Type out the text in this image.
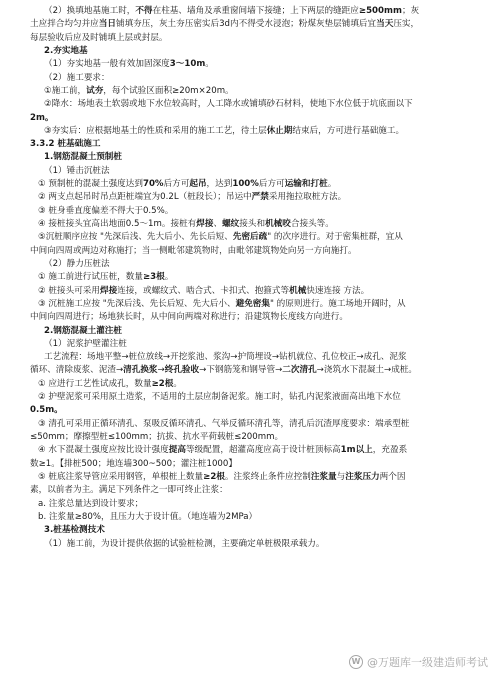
（2）换填地基施工时，不得在柱基、墙角及承重窗间墙下接缝；上下两层的缝距应≥500mm；灰
土应拌合均匀并应当日铺填夯压，灰土夯压密实后3d内不得受水浸泡；粉煤灰垫层铺填后宜当天压实，
每层验收后应及时铺填上层或封层。
2.夯实地基
（1）夯实地基一般有效加固深度3～10m。
（2）施工要求：
①施工前，试夯，每个试验区面积≥20m×20m。
②降水：场地表土软弱或地下水位较高时，人工降水或铺填砂石材料，使地下水位低于坑底面以下
2m。
③夯实后：应根据地基土的性质和采用的施工工艺，待土层休止期结束后，方可进行基础施工。
3.3.2 桩基础施工
1.钢筋混凝土预制桩
（1）锤击沉桩法
① 预制桩的混凝土强度达到70%后方可起吊，达到100%后方可运输和打桩。
② 两支点起吊时吊点距桩端宜为0.2L（桩段长）；吊运中严禁采用拖拉取桩方法。
③ 桩身垂直度偏差不得大于0.5%。
④ 接桩接头宜高出地面0.5～1m。接桩有焊接、螺纹接头和机械咬合接头等。
⑤沉桩顺序应按 "先深后浅、先大后小、先长后短、先密后疏" 的次序进行。对于密集桩群，宜从
中间向四周或两边对称施打；当一侧毗邻建筑物时，由毗邻建筑物处向另一方向施打。
（2）静力压桩法
① 施工前进行试压桩，数量≥3根。
② 桩接头可采用焊接连接，或螺纹式、啮合式、卡扣式、抱箍式等机械快速连接 方法。
③ 沉桩施工应按 "先深后浅、先长后短、先大后小、避免密集" 的原则进行。施工场地开阔时，从
中间向四周进行；场地狭长时，从中间向两端对称进行；沿建筑物长度线方向进行。
2.钢筋混凝土灌注桩
（1）泥浆护壁灌注桩
工艺流程：场地平整→桩位放线→开挖浆池、浆沟→护筒埋设→钻机就位、孔位校正→成孔、泥浆
循环、清除废浆、泥渣→清孔换浆→终孔验收→下钢筋笼和钢导管→二次清孔→浇筑水下混凝土→成桩。
① 应进行工艺性试成孔，数量≥2根。
② 护壁泥浆可采用原土造浆，不适用的土层应制备泥浆。施工时，钻孔内泥浆液面高出地下水位
0.5m。
③ 清孔可采用正循环清孔、泵吸反循环清孔、气举反循环清孔等，清孔后沉渣厚度要求：端承型桩
≤50mm；摩擦型桩≤100mm；抗拔、抗水平荷载桩≤200mm。
④ 水下混凝土强度应按比设计强度提高等级配置，超灌高度应高于设计桩顶标高1m以上，充盈系
数≥1。【排桩500；地连墙300~500；灌注桩1000】
⑤ 桩底注浆导管应采用钢管，单根桩上数量≥2根。注浆终止条件应控制注浆量与注浆压力两个因
素，以前者为主。满足下列条件之一即可终止注浆：
a. 注浆总量达到设计要求；
b. 注浆量≥80%，且压力大于设计值。（地连墙为2MPa）
3.桩基检测技术
（1）施工前，为设计提供依据的试验桩检测，主要确定单桩极限承载力。
W @万题库一级建造师考试
